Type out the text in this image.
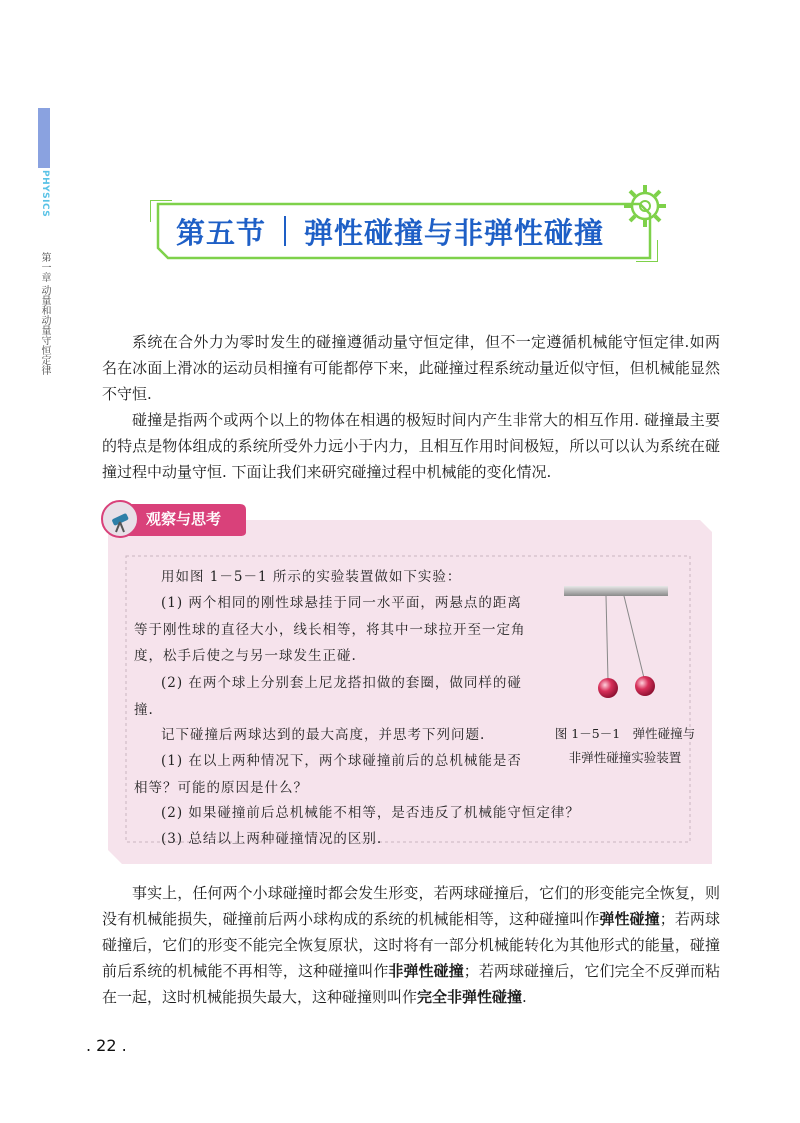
PHYSICS
第一章 动量和动量守恒定律
第五节 弹性碰撞与非弹性碰撞

系统在合外力为零时发生的碰撞遵循动量守恒定律，但不一定遵循机械能守恒定律.如两名在冰面上滑冰的运动员相撞有可能都停下来，此碰撞过程系统动量近似守恒，但机械能显然不守恒.

碰撞是指两个或两个以上的物体在相遇的极短时间内产生非常大的相互作用. 碰撞最主要的特点是物体组成的系统所受外力远小于内力，且相互作用时间极短，所以可以认为系统在碰撞过程中动量守恒. 下面让我们来研究碰撞过程中机械能的变化情况.

用如图 1－5－1 所示的实验装置做如下实验：

(1) 两个相同的刚性球悬挂于同一水平面，两悬点的距离等于刚性球的直径大小，线长相等，将其中一球拉开至一定角度，松手后使之与另一球发生正碰.

(2) 在两个球上分别套上尼龙搭扣做的套圈，做同样的碰撞.

记下碰撞后两球达到的最大高度，并思考下列问题.

(1) 在以上两种情况下，两个球碰撞前后的总机械能是否相等？可能的原因是什么？

(2) 如果碰撞前后总机械能不相等，是否违反了机械能守恒定律？

(3) 总结以上两种碰撞情况的区别.

观察与思考
图 1－5－1　弹性碰撞与
非弹性碰撞实验装置

事实上，任何两个小球碰撞时都会发生形变，若两球碰撞后，它们的形变能完全恢复，则没有机械能损失，碰撞前后两小球构成的系统的机械能相等，这种碰撞叫作弹性碰撞；若两球碰撞后，它们的形变不能完全恢复原状，这时将有一部分机械能转化为其他形式的能量，碰撞前后系统的机械能不再相等，这种碰撞叫作非弹性碰撞；若两球碰撞后，它们完全不反弹而粘在一起，这时机械能损失最大，这种碰撞则叫作完全非弹性碰撞.

. 22 .
